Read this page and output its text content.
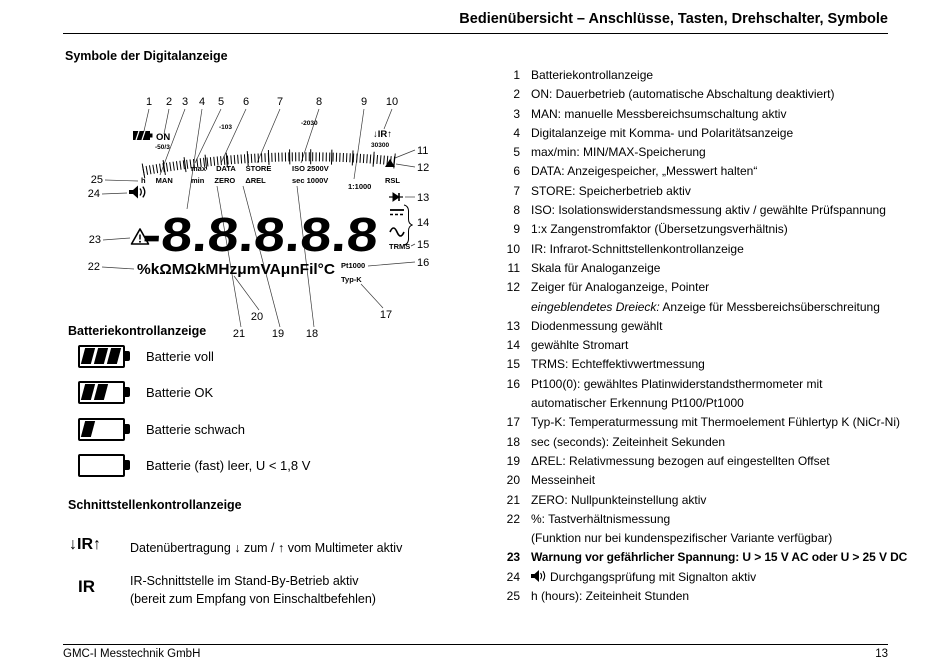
Bedienübersicht – Anschlüsse, Tasten, Drehschalter, Symbole
Symbole der Digitalanzeige
ON	↓IR↑
-50/3
-103
-2030
30300
max DATA STORE	ISO 2500V
RSL
h MAN min ZERO ΔREL	sec 1000V
1:1000
-8.8.8.8.8	TRMS
%kΩMΩkMHzμmVAμnFil°C Pt1000
Typ-K
1 2 3 4 5 6	7	8	9 10
11
12
13
14
15
16
25
24
23
22
20	17
21 19 18
Batteriekontrollanzeige
Batterie voll
Batterie OK
Batterie schwach
Batterie (fast) leer, U < 1,8 V
Schnittstellenkontrollanzeige
↓IR↑ Datenübertragung ↓ zum / ↑ vom Multimeter aktiv
IR	IR-Schnittstelle im Stand-By-Betrieb aktiv
(bereit zum Empfang von Einschaltbefehlen)
1 Batteriekontrollanzeige
2 ON: Dauerbetrieb (automatische Abschaltung deaktiviert)
3 MAN: manuelle Messbereichsumschaltung aktiv
4 Digitalanzeige mit Komma- und Polaritätsanzeige
5 max/min: MIN/MAX-Speicherung
6 DATA: Anzeigespeicher, „Messwert halten“
7 STORE: Speicherbetrieb aktiv
8 ISO: Isolationswiderstandsmessung aktiv / gewählte Prüfspannung
9 1:x Zangenstromfaktor (Übersetzungsverhältnis)
10 IR: Infrarot-Schnittstellenkontrollanzeige
11 Skala für Analoganzeige
12 Zeiger für Analoganzeige, Pointer
eingeblendetes Dreieck: Anzeige für Messbereichsüberschreitung
13 Diodenmessung gewählt
14 gewählte Stromart
15 TRMS: Echteffektivwertmessung
16 Pt100(0): gewähltes Platinwiderstandsthermometer mit
automatischer Erkennung Pt100/Pt1000
17 Typ-K: Temperaturmessung mit Thermoelement Fühlertyp K (NiCr-Ni)
18 sec (seconds): Zeiteinheit Sekunden
19 ΔREL: Relativmessung bezogen auf eingestellten Offset
20 Messeinheit
21 ZERO: Nullpunkteinstellung aktiv
22 %: Tastverhältnismessung
(Funktion nur bei kundenspezifischer Variante verfügbar)
23 Warnung vor gefährlicher Spannung: U > 15 V AC oder U > 25 V DC
24	Durchgangsprüfung mit Signalton aktiv
25 h (hours): Zeiteinheit Stunden
GMC-I Messtechnik GmbH	13
